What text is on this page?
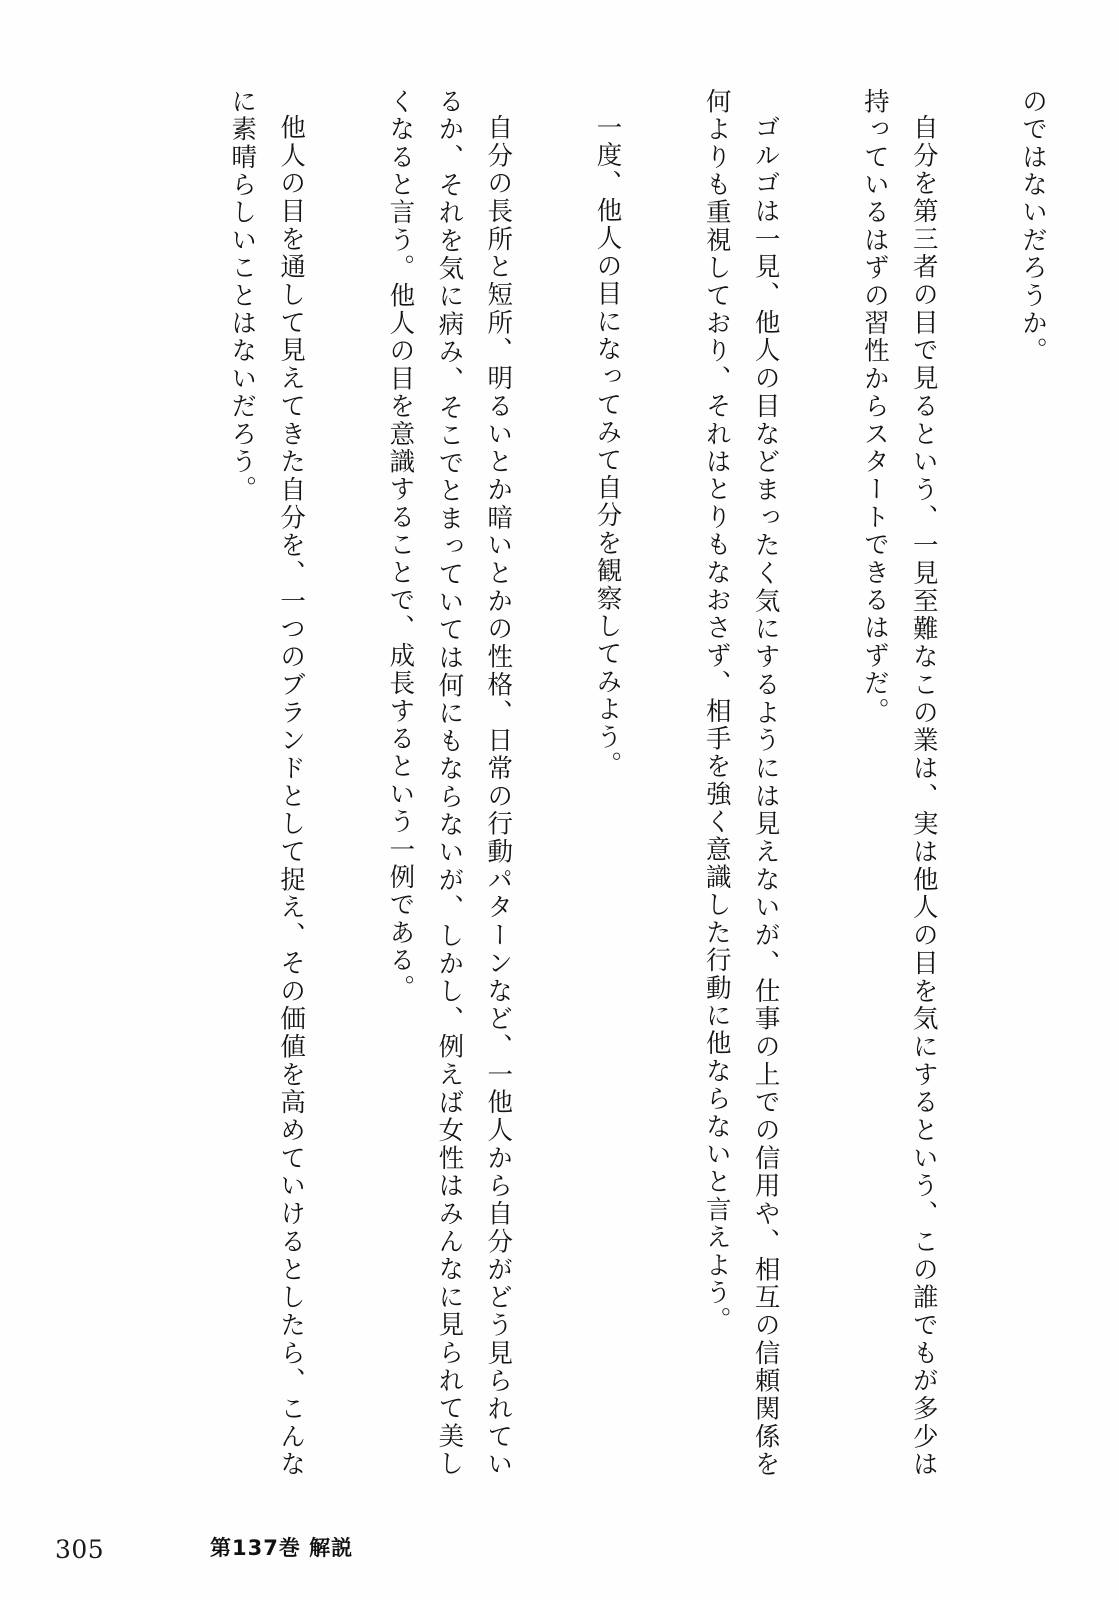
のではないだろうか。

自分を第三者の目で見るという、一見至難なこの業は、実は他人の目を気にするという、この誰でもが多少は持っているはずの習性からスタートできるはずだ。

ゴルゴは一見、他人の目などまったく気にするようには見えないが、仕事の上での信用や、相互の信頼関係を何よりも重視しており、それはとりもなおさず、相手を強く意識した行動に他ならないと言えよう。

一度、他人の目になってみて自分を観察してみよう。

自分の長所と短所、明るいとか暗いとかの性格、日常の行動パターンなど、一他人から自分がどう見られているか、それを気に病み、そこでとまっていては何にもならないが、しかし、例えば女性はみんなに見られて美しくなると言う。他人の目を意識することで、成長するという一例である。

他人の目を通して見えてきた自分を、一つのブランドとして捉え、その価値を高めていけるとしたら、こんなに素晴らしいことはないだろう。

305	第137巻 解説
